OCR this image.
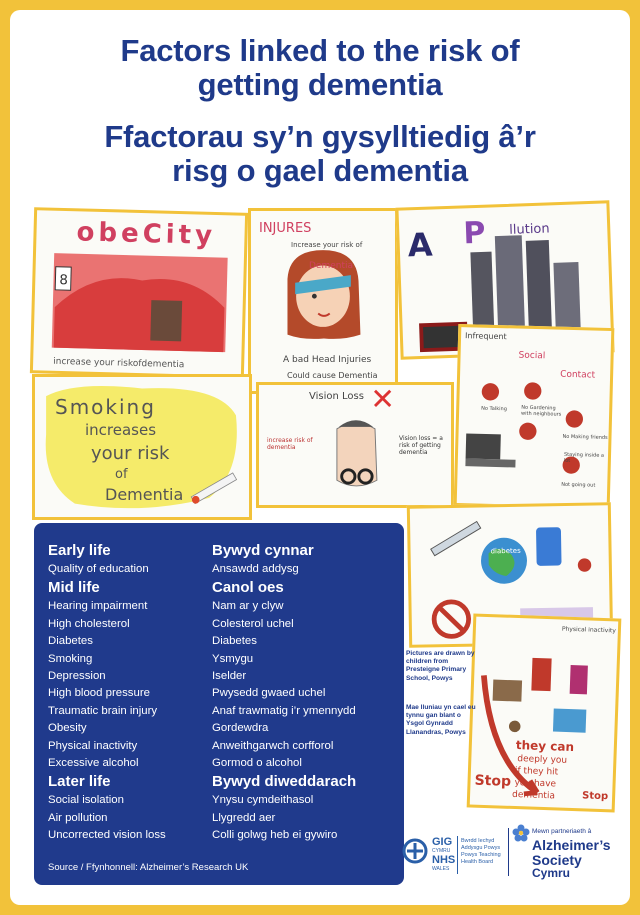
Factors linked to the risk of
getting dementia
Ffactorau sy’n gysylltiedig â’r
risg o gael dementia
8
obeCity
increase your riskofdementia
INJURES
Increase your risk of
Dementia
A bad Head Injuries
Could cause Dementia
A P llution
Smoking
increases
your risk
of
Dementia
Vision Loss
increase risk of dementia
Vision loss = a risk of getting dementia
Infrequent
Social
Contact
No Talking	No Gardening with neighbours
No Making friends
Not going out
Staying inside a lot
diabetes
Physical inactivity
they can
deeply you
if they hit
you have
dementia
Stop
Stop
Early life
Quality of education
Mid life
Hearing impairment
High cholesterol
Diabetes
Smoking
Depression
High blood pressure
Traumatic brain injury
Obesity
Physical inactivity
Excessive alcohol
Later life
Social isolation
Air pollution
Uncorrected vision loss
Bywyd cynnar
Ansawdd addysg
Canol oes
Nam ar y clyw
Colesterol uchel
Diabetes
Ysmygu
Iselder
Pwysedd gwaed uchel
Anaf trawmatig i’r ymennydd
Gordewdra
Anweithgarwch corfforol
Gormod o alcohol
Bywyd diweddarach
Ynysu cymdeithasol
Llygredd aer
Colli golwg heb ei gywiro
Source / Ffynhonnell: Alzheimer’s Research UK
Pictures are drawn by children from Presteigne Primary School, Powys
Mae lluniau yn cael eu tynnu gan blant o Ysgol Gynradd Llanandras, Powys
GIG
CYMRU
NHS
WALES
Bwrdd Iechyd
Addysgu Powys
Powys Teaching
Health Board
Mewn partneriaeth â
Alzheimer’s
Society
Cymru
